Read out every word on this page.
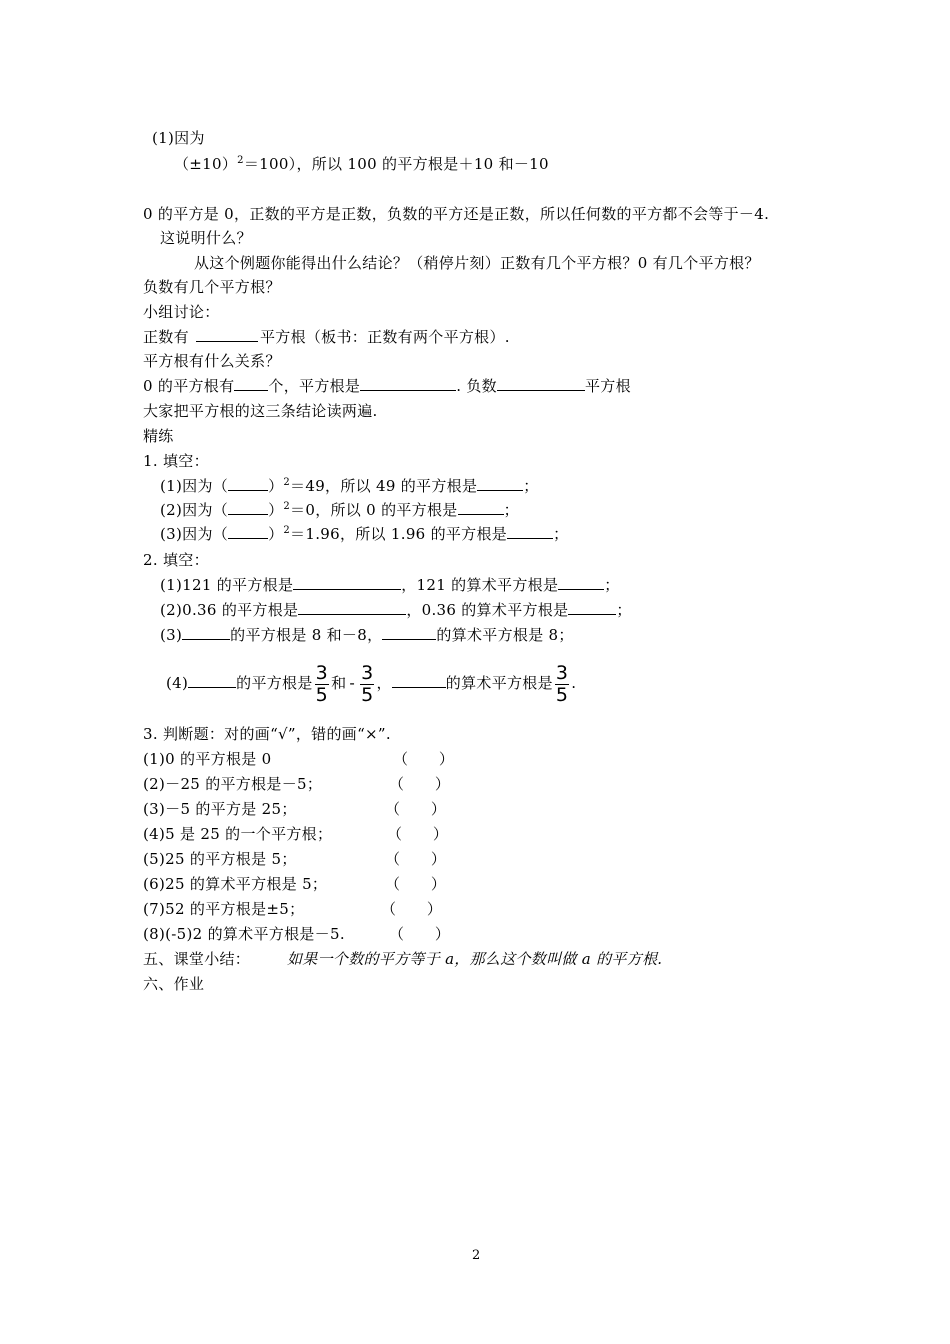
(1)因为
$(\pm 10)^2=100$），所以 100 的平方根是＋10 和－10
0 的平方是 0，正数的平方是正数，负数的平方还是正数，所以任何数的平方都不会等于－4.
这说明什么？
从这个例题你能得出什么结论？（稍停片刻）正数有几个平方根？0 有几个平方根？
负数有几个平方根？
小组讨论：
正数有	平方根（板书：正数有两个平方根）.
平方根有什么关系？
0 的平方根有 个，平方根是	. 负数	平方根
大家把平方根的这三条结论读两遍.
精练
1. 填空：
(1)因为（	）$^2$＝49，所以 49 的平方根是	；
(2)因为（	）$^2$＝0，所以 0 的平方根是	；
(3)因为（	）$^2$＝1.96，所以 1.96 的平方根是	；
2. 填空：
(1)121 的平方根是	，121 的算术平方根是	；
(2)0.36 的平方根是	，0.36 的算术平方根是	；
(3)	的平方根是 8 和－8，	的算术平方根是 8；
(4)	的平方根是 $\frac{3}{5}$ 和 - $\frac{3}{5}$ ，	的算术平方根是 $\frac{3}{5}$ .
3. 判断题：对的画“√”，错的画“×”.
(1)0 的平方根是 0	（　　）
(2)－25 的平方根是－5；	（　　）
(3)－5 的平方是 25；	（　　）
(4)5 是 25 的一个平方根；	（　　）
(5)25 的平方根是 5；	（　　）
(6)25 的算术平方根是 5；	（　　）
(7)52 的平方根是±5；	（　　）
(8)(-5)2 的算术平方根是－5.	（　　）
五、课堂小结： 如果一个数的平方等于 a，那么这个数叫做 a 的平方根.
六、作业
2
